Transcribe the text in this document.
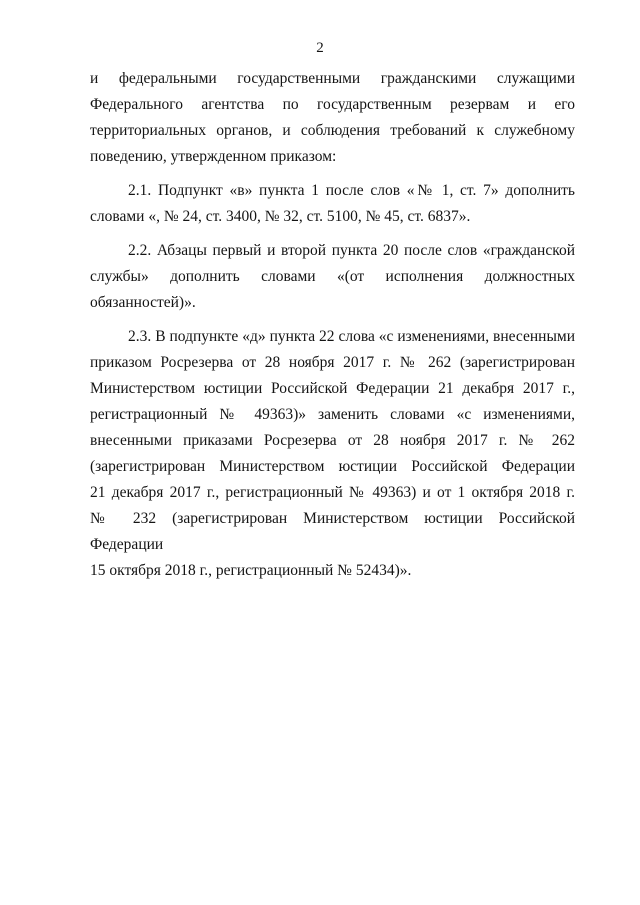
2
и федеральными государственными гражданскими служащими
Федерального агентства по государственным резервам и его
территориальных органов, и соблюдения требований к служебному
поведению, утвержденном приказом:
2.1. Подпункт «в» пункта 1 после слов «№ 1, ст. 7» дополнить
словами «, № 24, ст. 3400, № 32, ст. 5100, № 45, ст. 6837».
2.2. Абзацы первый и второй пункта 20 после слов «гражданской
службы» дополнить словами «(от исполнения должностных
обязанностей)».
2.3. В подпункте «д» пункта 22 слова «с изменениями, внесенными
приказом Росрезерва от 28 ноября 2017 г. № 262 (зарегистрирован
Министерством юстиции Российской Федерации 21 декабря 2017 г.,
регистрационный № 49363)» заменить словами «с изменениями,
внесенными приказами Росрезерва от 28 ноября 2017 г. № 262
(зарегистрирован Министерством юстиции Российской Федерации
21 декабря 2017 г., регистрационный № 49363) и от 1 октября 2018 г.
№ 232 (зарегистрирован Министерством юстиции Российской Федерации
15 октября 2018 г., регистрационный № 52434)».
